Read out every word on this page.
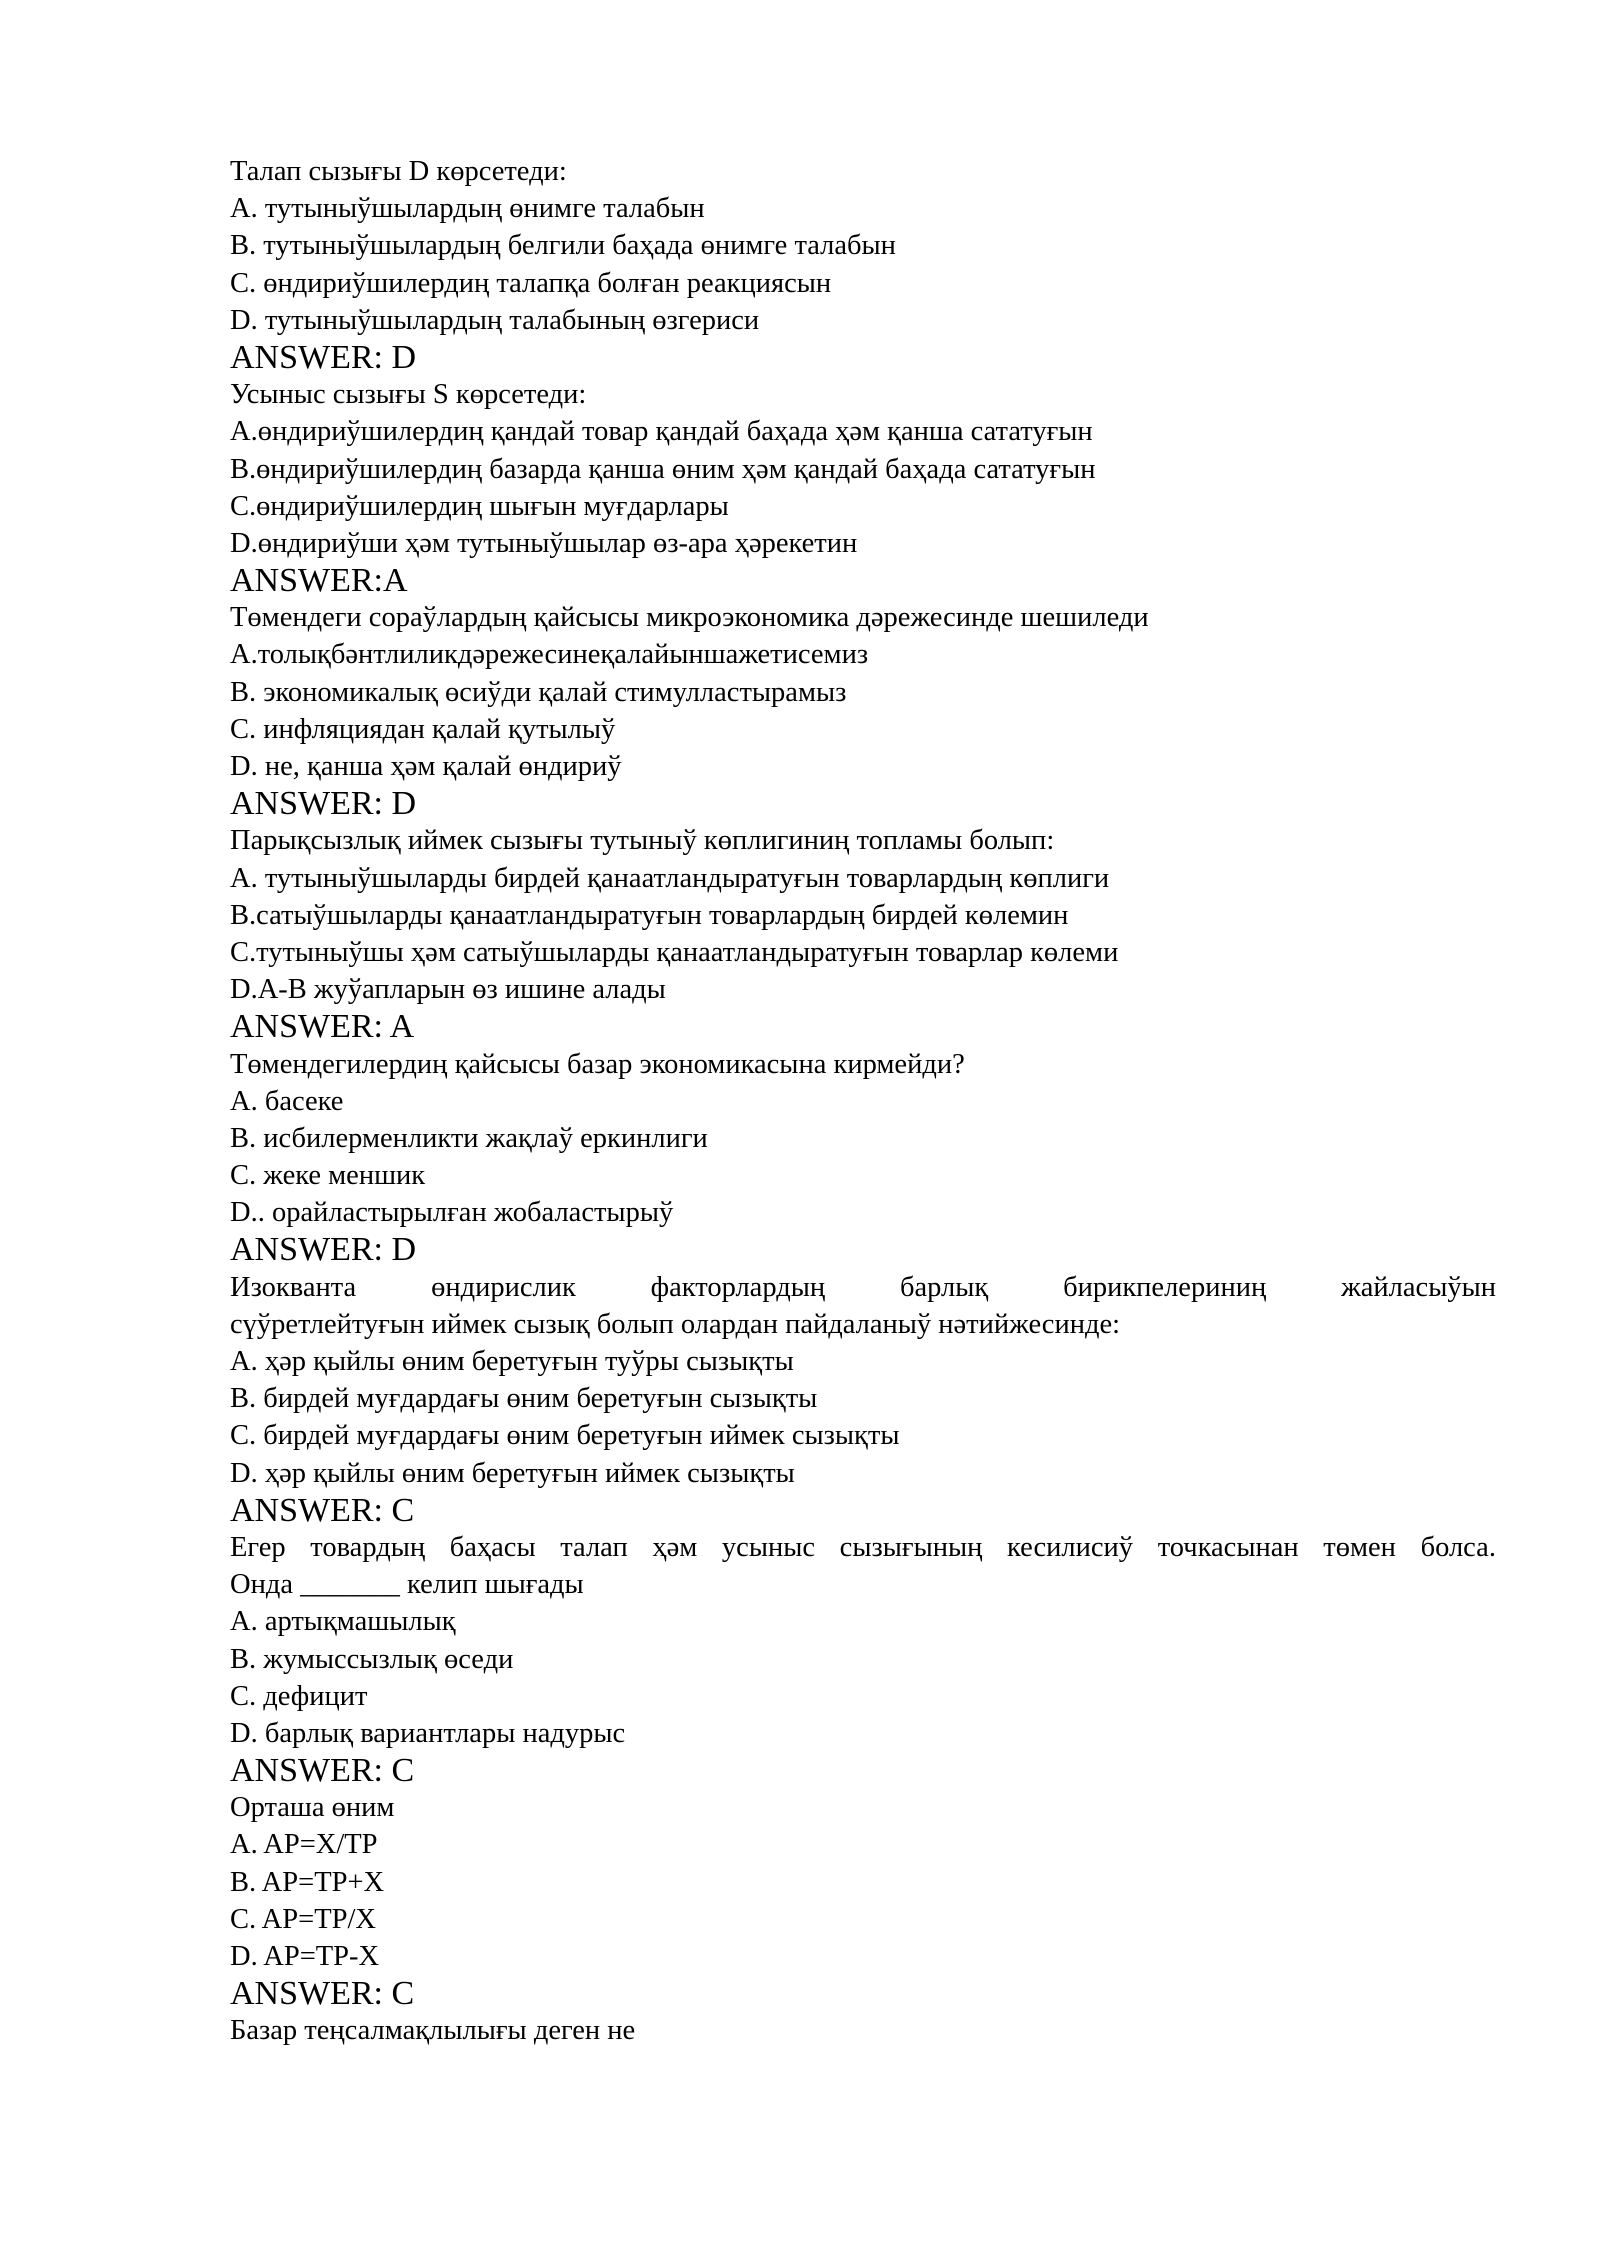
Талап сызығы D көрсетеди:
A. тутыныўшылардың өнимге талабын
B. тутыныўшылардың белгили баҳада өнимге талабын
C. өндириўшилердиң талапқа болған реакциясын
D. тутыныўшылардың талабының өзгериси
ANSWER: D
Усыныс сызығы S көрсетеди:
A.өндириўшилердиң қандай товар қандай баҳада ҳәм қанша сататуғын
B.өндириўшилердиң базарда қанша өним ҳәм қандай баҳада сататуғын
C.өндириўшилердиң шығын муғдарлары
D.өндириўши ҳәм тутыныўшылар өз-ара ҳәрекетин
ANSWER:A
Төмендеги сораўлардың қайсысы микроэкономика дәрежесинде шешиледи
A.толықбәнтлиликдәрежесинеқалайыншажетисемиз
B. экономикалық өсиўди қалай стимулластырамыз
C. инфляциядан қалай қутылыў
D. не, қанша ҳәм қалай өндириў
ANSWER: D
Парықсызлық иймек сызығы тутыныў көплигиниң топламы болып:
A. тутыныўшыларды бирдей қанаатландыратуғын товарлардың көплиги
B.сатыўшыларды қанаатландыратуғын товарлардың бирдей көлемин
C.тутыныўшы ҳәм сатыўшыларды қанаатландыратуғын товарлар көлеми
D.A-B жуўапларын өз ишине алады
ANSWER: A
Төмендегилердиң қайсысы базар экономикасына кирмейди?
A. басеке
B. исбилерменликти жақлаў еркинлиги
C. жеке меншик
D.. орайластырылған жобаластырыў
ANSWER: D
Изокванта	өндирислик	факторлардың	барлық	бирикпелериниң	жайласыўын
сүўретлейтуғын иймек сызық болып олардан пайдаланыў нәтийжесинде:
A. ҳәр қыйлы өним беретуғын туўры сызықты
B. бирдей муғдардағы өним беретуғын сызықты
C. бирдей муғдардағы өним беретуғын иймек сызықты
D. ҳәр қыйлы өним беретуғын иймек сызықты
ANSWER: C
Егер товардың баҳасы талап ҳәм усыныс сызығының кесилисиў точкасынан төмен болса.
Онда _______ келип шығады
A. артықмашылық
B. жумыссызлық өседи
C. дефицит
D. барлық вариантлары надурыс
ANSWER: C
Орташа өним
A. AP=X/TP
B. AP=TP+X
C. AP=TP/X
D. AP=TP-X
ANSWER: C
Базар теңсалмақлылығы деген не
